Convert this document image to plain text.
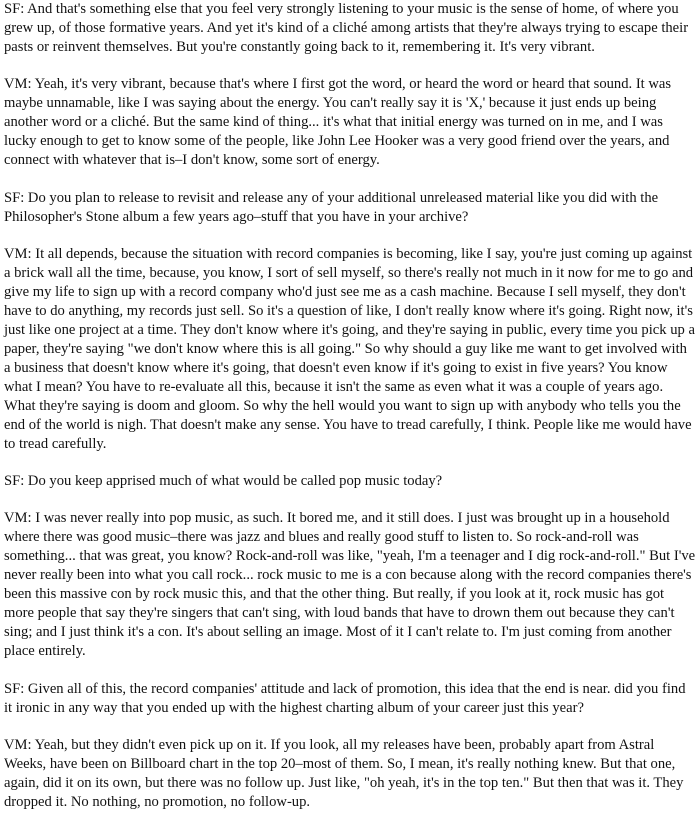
SF: And that's something else that you feel very strongly listening to your music is the sense of home, of where you grew up, of those formative years. And yet it's kind of a cliché among artists that they're always trying to escape their pasts or reinvent themselves. But you're constantly going back to it, remembering it. It's very vibrant.

VM: Yeah, it's very vibrant, because that's where I first got the word, or heard the word or heard that sound. It was maybe unnamable, like I was saying about the energy. You can't really say it is 'X,' because it just ends up being another word or a cliché. But the same kind of thing... it's what that initial energy was turned on in me, and I was lucky enough to get to know some of the people, like John Lee Hooker was a very good friend over the years, and connect with whatever that is–I don't know, some sort of energy.

SF: Do you plan to release to revisit and release any of your additional unreleased material like you did with the Philosopher's Stone album a few years ago–stuff that you have in your archive?

VM: It all depends, because the situation with record companies is becoming, like I say, you're just coming up against a brick wall all the time, because, you know, I sort of sell myself, so there's really not much in it now for me to go and give my life to sign up with a record company who'd just see me as a cash machine. Because I sell myself, they don't have to do anything, my records just sell. So it's a question of like, I don't really know where it's going. Right now, it's just like one project at a time. They don't know where it's going, and they're saying in public, every time you pick up a paper, they're saying "we don't know where this is all going." So why should a guy like me want to get involved with a business that doesn't know where it's going, that doesn't even know if it's going to exist in five years? You know what I mean? You have to re-evaluate all this, because it isn't the same as even what it was a couple of years ago. What they're saying is doom and gloom. So why the hell would you want to sign up with anybody who tells you the end of the world is nigh. That doesn't make any sense. You have to tread carefully, I think. People like me would have to tread carefully.

SF: Do you keep apprised much of what would be called pop music today?

VM: I was never really into pop music, as such. It bored me, and it still does. I just was brought up in a household where there was good music–there was jazz and blues and really good stuff to listen to. So rock-and-roll was something... that was great, you know? Rock-and-roll was like, "yeah, I'm a teenager and I dig rock-and-roll." But I've never really been into what you call rock... rock music to me is a con because along with the record companies there's been this massive con by rock music this, and that the other thing. But really, if you look at it, rock music has got more people that say they're singers that can't sing, with loud bands that have to drown them out because they can't sing; and I just think it's a con. It's about selling an image. Most of it I can't relate to. I'm just coming from another place entirely.

SF: Given all of this, the record companies' attitude and lack of promotion, this idea that the end is near. did you find it ironic in any way that you ended up with the highest charting album of your career just this year?

VM: Yeah, but they didn't even pick up on it. If you look, all my releases have been, probably apart from Astral Weeks, have been on Billboard chart in the top 20–most of them. So, I mean, it's really nothing knew. But that one, again, did it on its own, but there was no follow up. Just like, "oh yeah, it's in the top ten." But then that was it. They dropped it. No nothing, no promotion, no follow-up.
